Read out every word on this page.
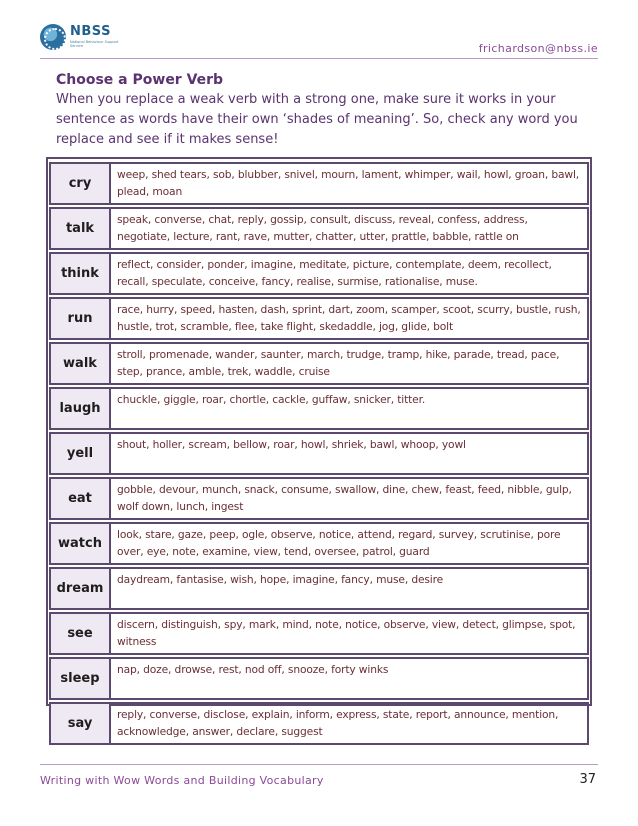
NBSS
National Behaviour Support Service	frichardson@nbss.ie
Choose a Power Verb
When you replace a weak verb with a strong one, make sure it works in your sentence as words have their own ‘shades of meaning’. So, check any word you replace and see if it makes sense!
cry	weep, shed tears, sob, blubber, snivel, mourn, lament, whimper, wail, howl, groan, bawl, plead, moan
talk	speak, converse, chat, reply, gossip, consult, discuss, reveal, confess, address, negotiate, lecture, rant, rave, mutter, chatter, utter, prattle, babble, rattle on
think	reflect, consider, ponder, imagine, meditate, picture, contemplate, deem, recollect, recall, speculate, conceive, fancy, realise, surmise, rationalise, muse.
run	race, hurry, speed, hasten, dash, sprint, dart, zoom, scamper, scoot, scurry, bustle, rush, hustle, trot, scramble, flee, take flight, skedaddle, jog, glide, bolt
walk	stroll, promenade, wander, saunter, march, trudge, tramp, hike, parade, tread, pace, step, prance, amble, trek, waddle, cruise
laugh	chuckle, giggle, roar, chortle, cackle, guffaw, snicker, titter.
yell	shout, holler, scream, bellow, roar, howl, shriek, bawl, whoop, yowl
eat	gobble, devour, munch, snack, consume, swallow, dine, chew, feast, feed, nibble, gulp, wolf down, lunch, ingest
watch	look, stare, gaze, peep, ogle, observe, notice, attend, regard, survey, scrutinise, pore over, eye, note, examine, view, tend, oversee, patrol, guard
dream	daydream, fantasise, wish, hope, imagine, fancy, muse, desire
see	discern, distinguish, spy, mark, mind, note, notice, observe, view, detect, glimpse, spot, witness
sleep	nap, doze, drowse, rest, nod off, snooze, forty winks
say	reply, converse, disclose, explain, inform, express, state, report, announce, mention, acknowledge, answer, declare, suggest
Writing with Wow Words and Building Vocabulary	37
